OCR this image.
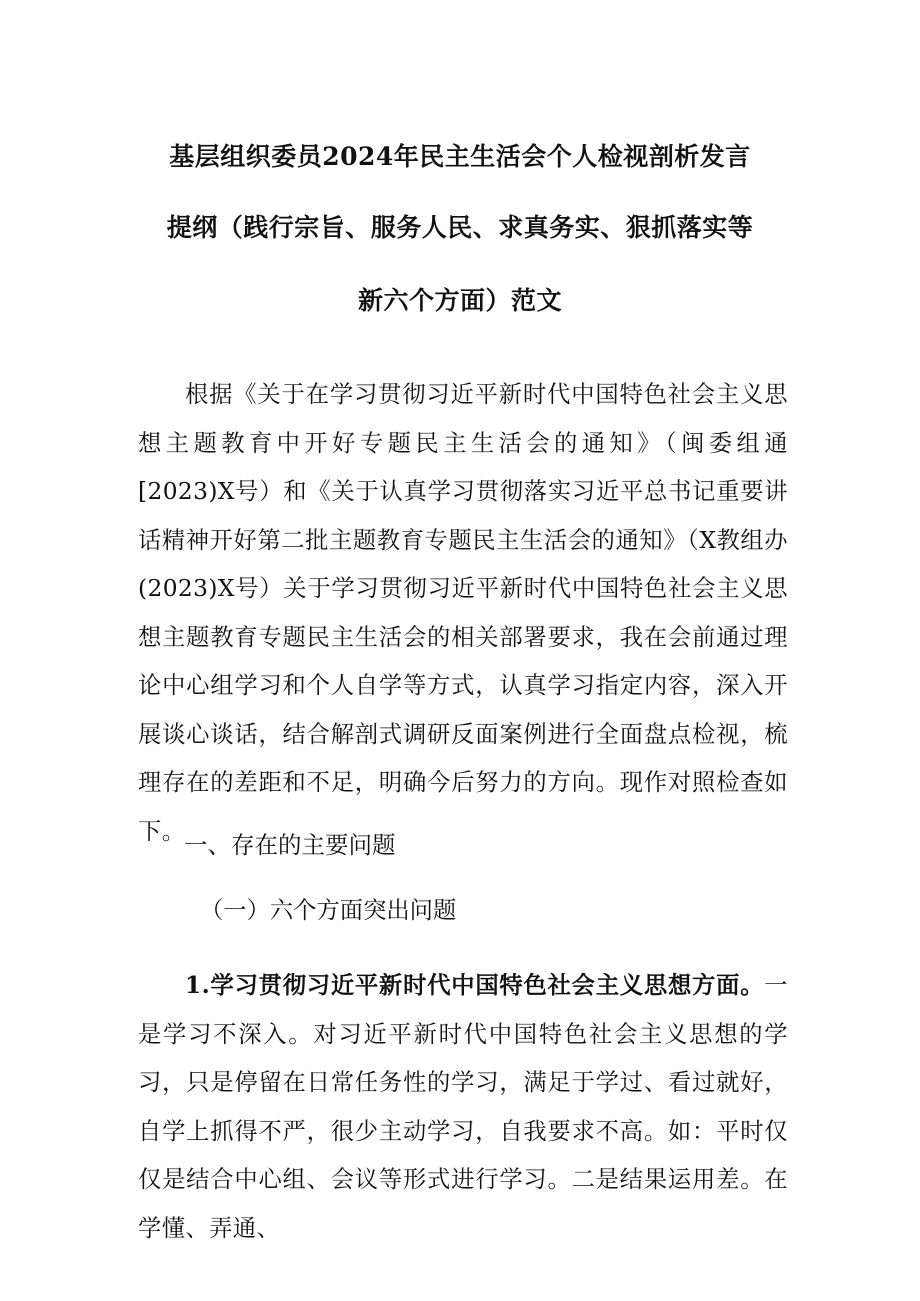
基层组织委员2024年民主生活会个人检视剖析发言
提纲（践行宗旨、服务人民、求真务实、狠抓落实等
新六个方面）范文
根据《关于在学习贯彻习近平新时代中国特色社会主义思想主题教育中开好专题民主生活会的通知》（闽委组通[2023)X号）和《关于认真学习贯彻落实习近平总书记重要讲话精神开好第二批主题教育专题民主生活会的通知》（X教组办(2023)X号）关于学习贯彻习近平新时代中国特色社会主义思想主题教育专题民主生活会的相关部署要求，我在会前通过理论中心组学习和个人自学等方式，认真学习指定内容，深入开展谈心谈话，结合解剖式调研反面案例进行全面盘点检视，梳理存在的差距和不足，明确今后努力的方向。现作对照检查如下。
一、存在的主要问题
（一）六个方面突出问题
1.学习贯彻习近平新时代中国特色社会主义思想方面。一是学习不深入。对习近平新时代中国特色社会主义思想的学习，只是停留在日常任务性的学习，满足于学过、看过就好，自学上抓得不严，很少主动学习，自我要求不高。如：平时仅仅是结合中心组、会议等形式进行学习。二是结果运用差。在学懂、弄通、
